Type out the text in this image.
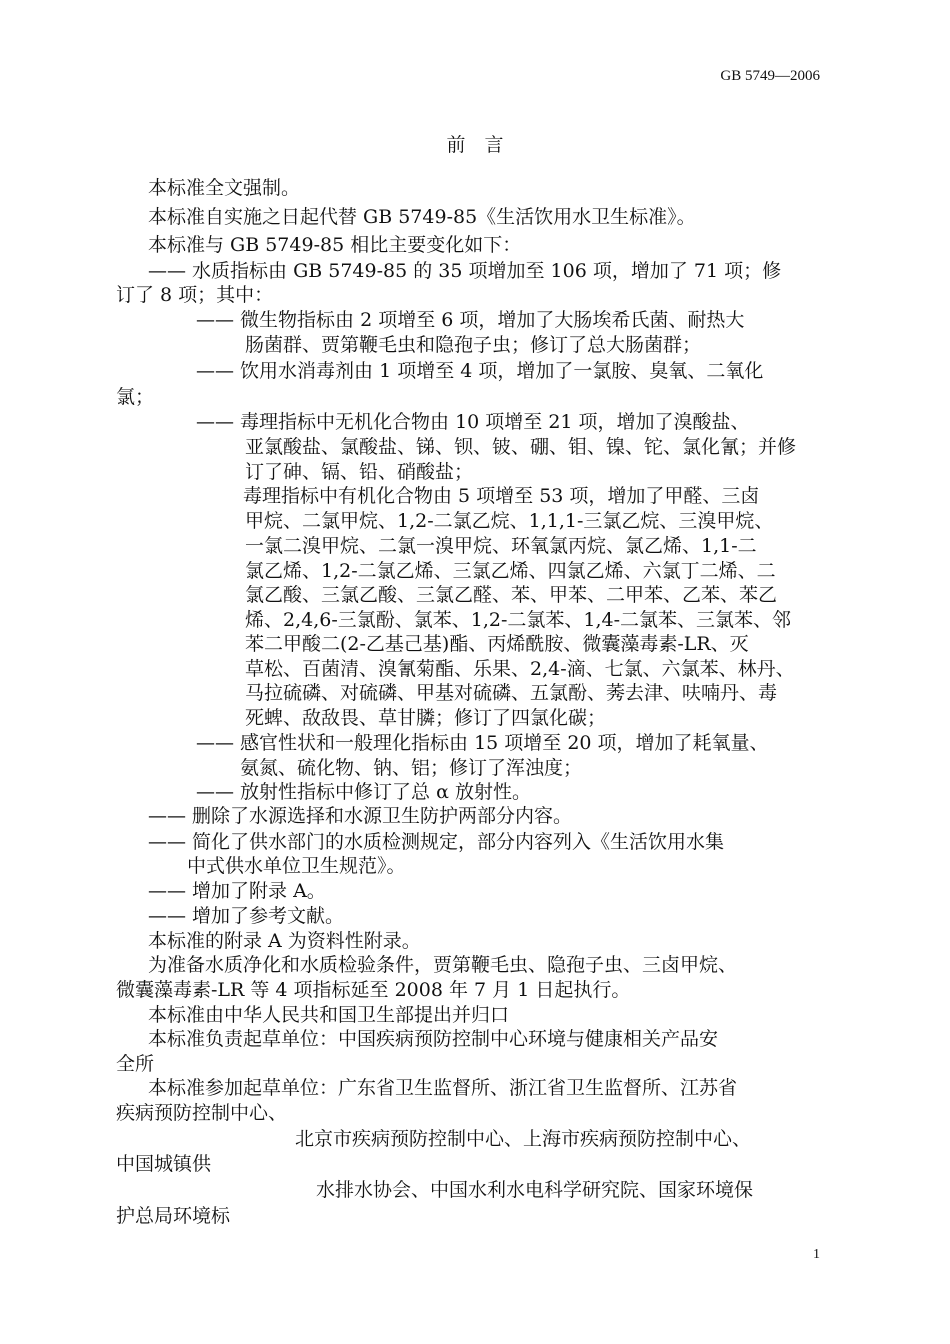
GB 5749—2006
前　言
本标准全文强制。
本标准自实施之日起代替 GB 5749-85《生活饮用水卫生标准》。
本标准与 GB 5749-85 相比主要变化如下：
—— 水质指标由 GB 5749-85 的 35 项增加至 106 项，增加了 71 项；修
订了 8 项；其中：
—— 微生物指标由 2 项增至 6 项，增加了大肠埃希氏菌、耐热大
肠菌群、贾第鞭毛虫和隐孢子虫；修订了总大肠菌群；
—— 饮用水消毒剂由 1 项增至 4 项，增加了一氯胺、臭氧、二氧化
氯；
—— 毒理指标中无机化合物由 10 项增至 21 项，增加了溴酸盐、
亚氯酸盐、氯酸盐、锑、钡、铍、硼、钼、镍、铊、氯化氰；并修
订了砷、镉、铅、硝酸盐；
毒理指标中有机化合物由 5 项增至 53 项，增加了甲醛、三卤
甲烷、二氯甲烷、1,2-二氯乙烷、1,1,1-三氯乙烷、三溴甲烷、
一氯二溴甲烷、二氯一溴甲烷、环氧氯丙烷、氯乙烯、1,1-二
氯乙烯、1,2-二氯乙烯、三氯乙烯、四氯乙烯、六氯丁二烯、二
氯乙酸、三氯乙酸、三氯乙醛、苯、甲苯、二甲苯、乙苯、苯乙
烯、2,4,6-三氯酚、氯苯、1,2-二氯苯、1,4-二氯苯、三氯苯、邻
苯二甲酸二(2-乙基己基)酯、丙烯酰胺、微囊藻毒素-LR、灭
草松、百菌清、溴氰菊酯、乐果、2,4-滴、七氯、六氯苯、林丹、
马拉硫磷、对硫磷、甲基对硫磷、五氯酚、莠去津、呋喃丹、毒
死蜱、敌敌畏、草甘膦；修订了四氯化碳；
—— 感官性状和一般理化指标由 15 项增至 20 项，增加了耗氧量、
氨氮、硫化物、钠、铝；修订了浑浊度；
—— 放射性指标中修订了总 α 放射性。
—— 删除了水源选择和水源卫生防护两部分内容。
—— 简化了供水部门的水质检测规定，部分内容列入《生活饮用水集
中式供水单位卫生规范》。
—— 增加了附录 A。
—— 增加了参考文献。
本标准的附录 A 为资料性附录。
为准备水质净化和水质检验条件，贾第鞭毛虫、隐孢子虫、三卤甲烷、
微囊藻毒素-LR 等 4 项指标延至 2008 年 7 月 1 日起执行。
本标准由中华人民共和国卫生部提出并归口
本标准负责起草单位：中国疾病预防控制中心环境与健康相关产品安
全所
本标准参加起草单位：广东省卫生监督所、浙江省卫生监督所、江苏省
疾病预防控制中心、
北京市疾病预防控制中心、上海市疾病预防控制中心、
中国城镇供
水排水协会、中国水利水电科学研究院、国家环境保
护总局环境标
1
